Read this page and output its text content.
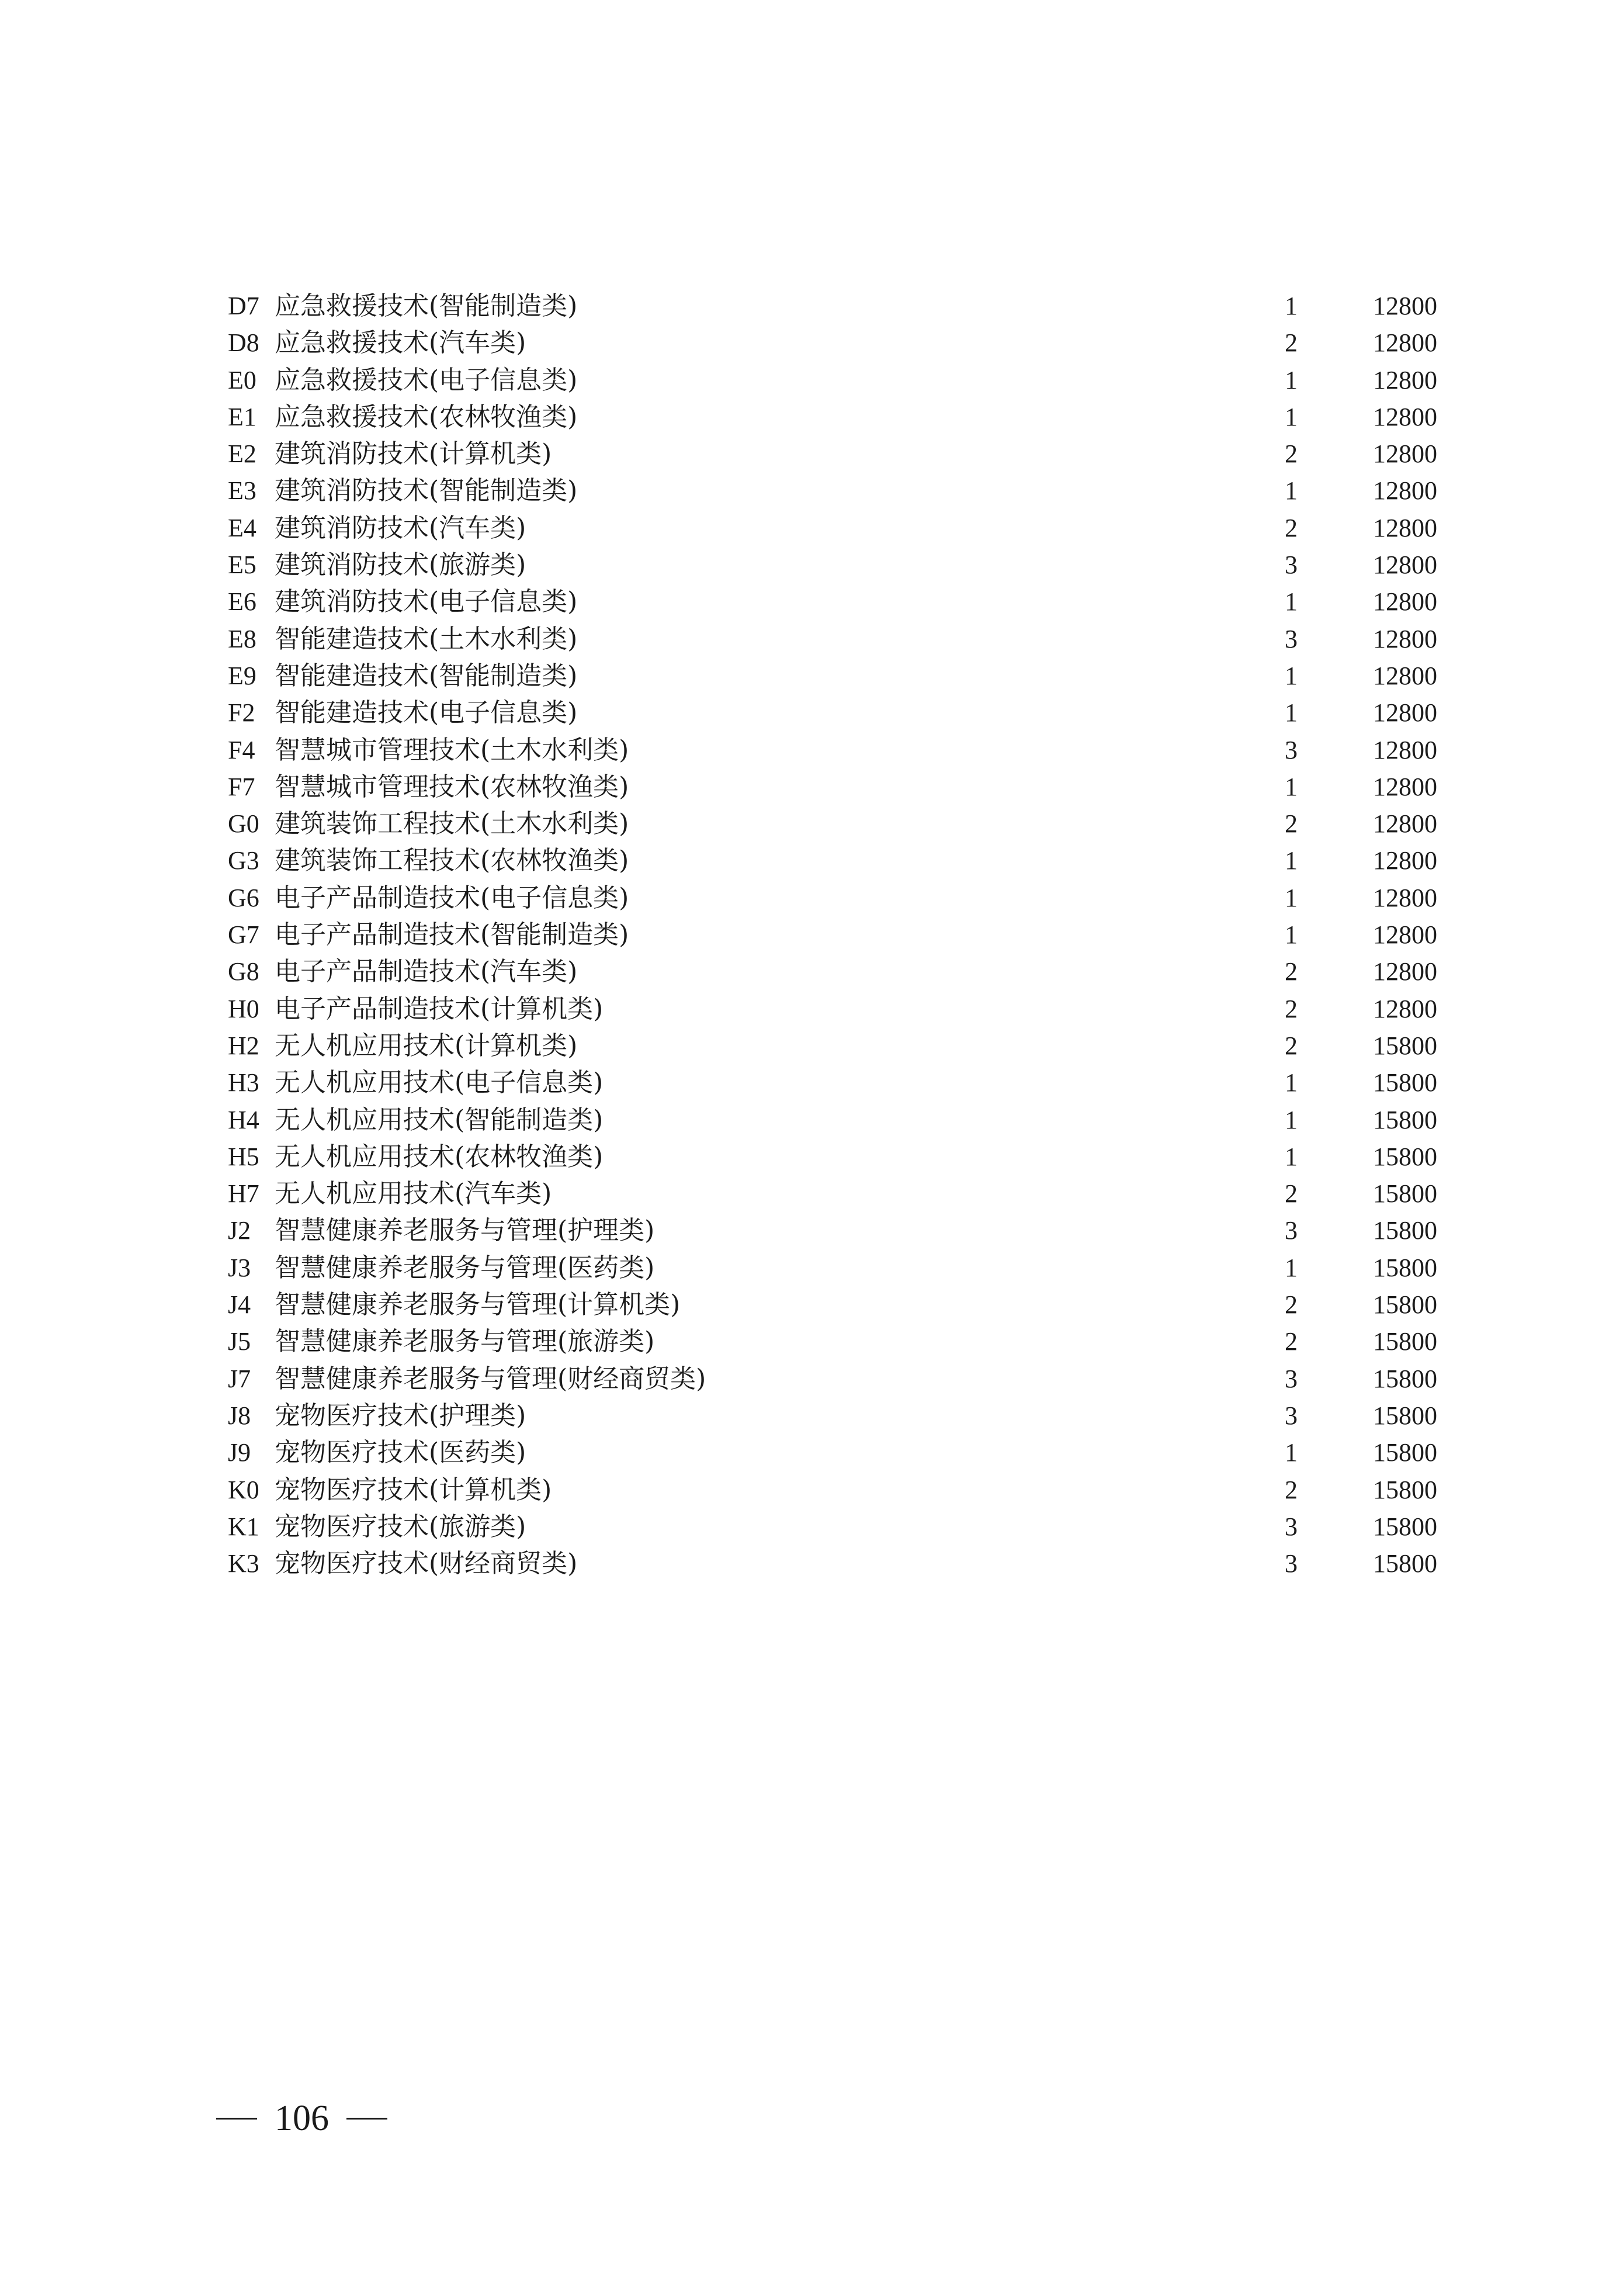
D7 应急救援技术(智能制造类)	1	12800
D8 应急救援技术(汽车类)	2	12800
E0 应急救援技术(电子信息类)	1	12800
E1 应急救援技术(农林牧渔类)	1	12800
E2 建筑消防技术(计算机类)	2	12800
E3 建筑消防技术(智能制造类)	1	12800
E4 建筑消防技术(汽车类)	2	12800
E5 建筑消防技术(旅游类)	3	12800
E6 建筑消防技术(电子信息类)	1	12800
E8 智能建造技术(土木水利类)	3	12800
E9 智能建造技术(智能制造类)	1	12800
F2 智能建造技术(电子信息类)	1	12800
F4 智慧城市管理技术(土木水利类)	3	12800
F7 智慧城市管理技术(农林牧渔类)	1	12800
G0 建筑装饰工程技术(土木水利类)	2	12800
G3 建筑装饰工程技术(农林牧渔类)	1	12800
G6 电子产品制造技术(电子信息类)	1	12800
G7 电子产品制造技术(智能制造类)	1	12800
G8 电子产品制造技术(汽车类)	2	12800
H0 电子产品制造技术(计算机类)	2	12800
H2 无人机应用技术(计算机类)	2	15800
H3 无人机应用技术(电子信息类)	1	15800
H4 无人机应用技术(智能制造类)	1	15800
H5 无人机应用技术(农林牧渔类)	1	15800
H7 无人机应用技术(汽车类)	2	15800
J2 智慧健康养老服务与管理(护理类)	3	15800
J3 智慧健康养老服务与管理(医药类)	1	15800
J4 智慧健康养老服务与管理(计算机类)	2	15800
J5 智慧健康养老服务与管理(旅游类)	2	15800
J7 智慧健康养老服务与管理(财经商贸类)	3	15800
J8 宠物医疗技术(护理类)	3	15800
J9 宠物医疗技术(医药类)	1	15800
K0 宠物医疗技术(计算机类)	2	15800
K1 宠物医疗技术(旅游类)	3	15800
K3 宠物医疗技术(财经商贸类)	3	15800
106
